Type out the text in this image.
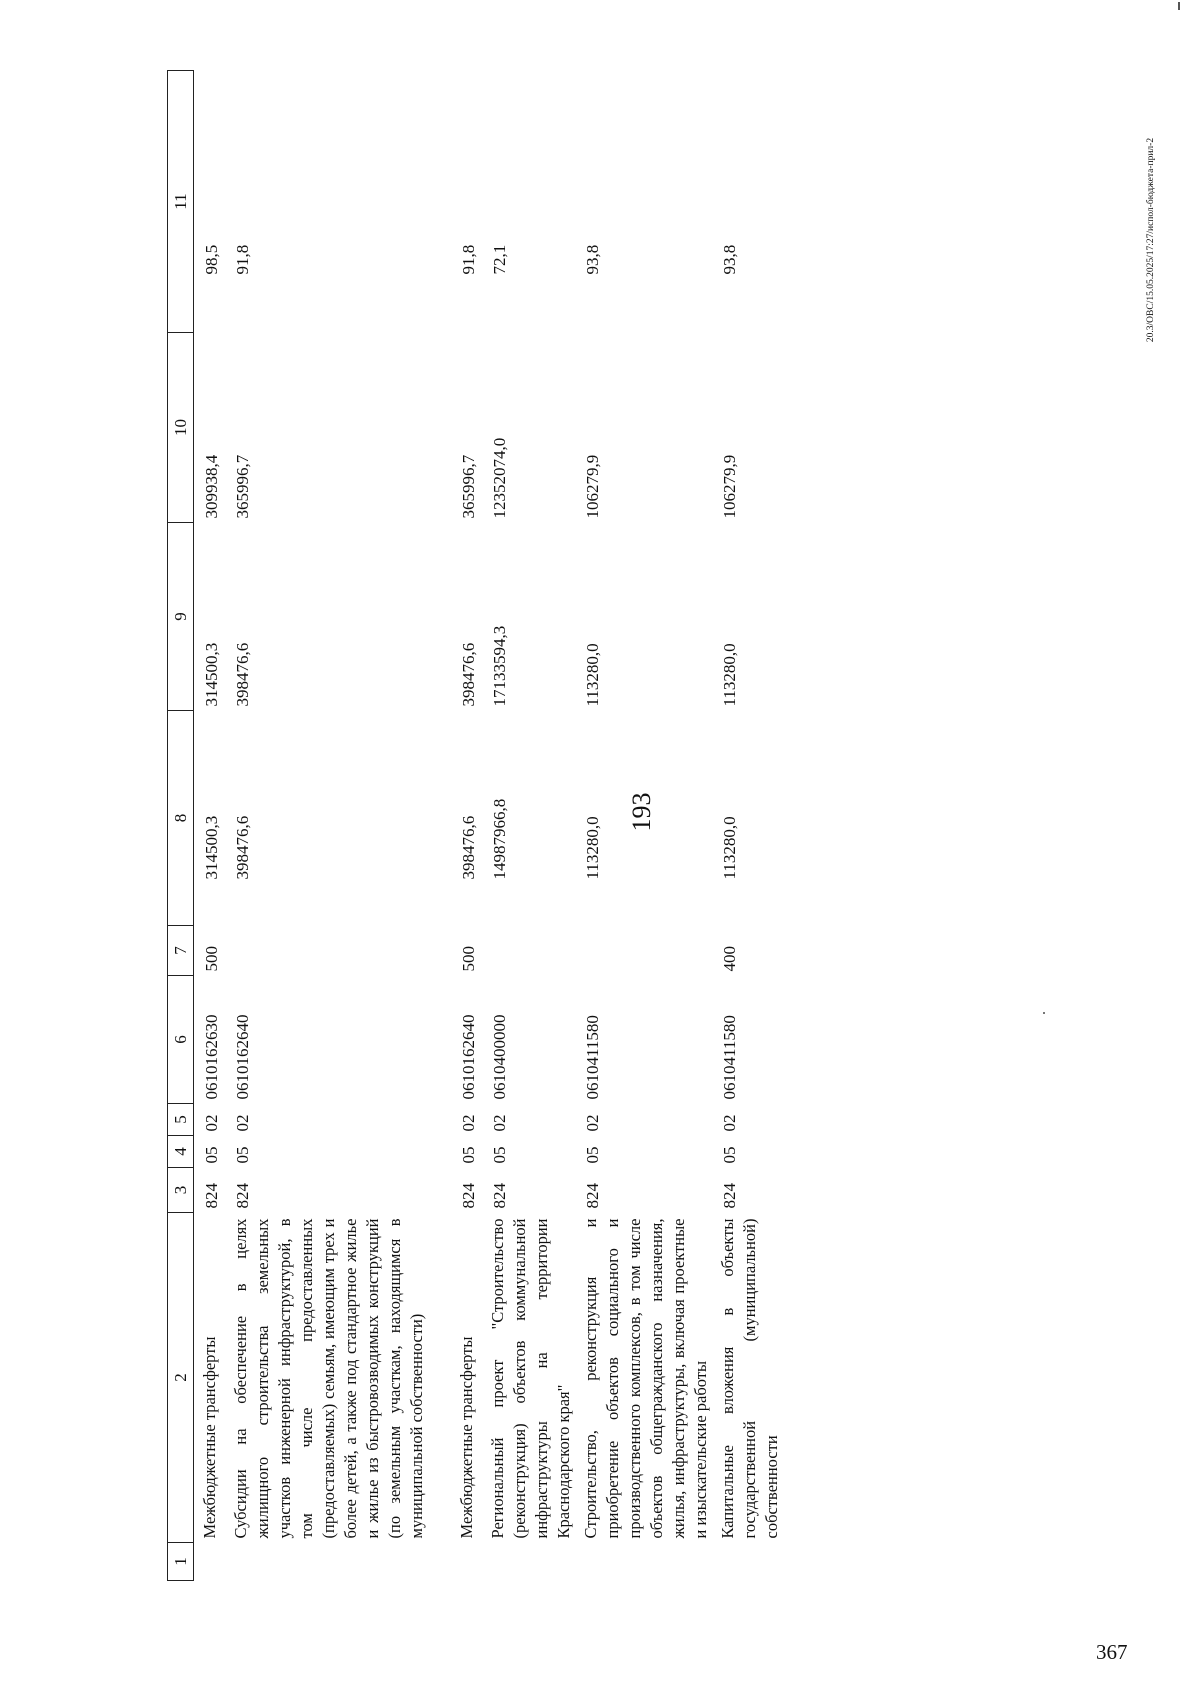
193
367
20.3/OBC/15.05.2025/17:27/испол-бюджета-прил-2
1	2	3	4	5	6	7	8	9	10	11
	Межбюджетные трансферты	824	05	02	0610162630	500	314500,3	314500,3	309938,4	98,5
	Субсидии на обеспечение в целях жилищного строительства земельных участков инженерной инфраструктурой, в том числе предоставленных (предоставляемых) семьям, имеющим трех и более детей, а также под стандартное жилье и жилье из быстровозводимых конструкций (по земельным участкам, находящимся в муниципальной собственности)	824	05	02	0610162640		398476,6	398476,6	365996,7	91,8

	Межбюджетные трансферты	824	05	02	0610162640	500	398476,6	398476,6	365996,7	91,8
	Региональный проект "Строительство (реконструкция) объектов коммунальной инфраструктуры на территории Краснодарского края"	824	05	02	0610400000		14987966,8	17133594,3	12352074,0	72,1
	Строительство, реконструкция и приобретение объектов социального и производственного комплексов, в том числе объектов общегражданского назначения, жилья, инфраструктуры, включая проектные и изыскательские работы	824	05	02	0610411580		113280,0	113280,0	106279,9	93,8
	Капитальные вложения в объекты государственной (муниципальной) собственности	824	05	02	0610411580	400	113280,0	113280,0	106279,9	93,8
